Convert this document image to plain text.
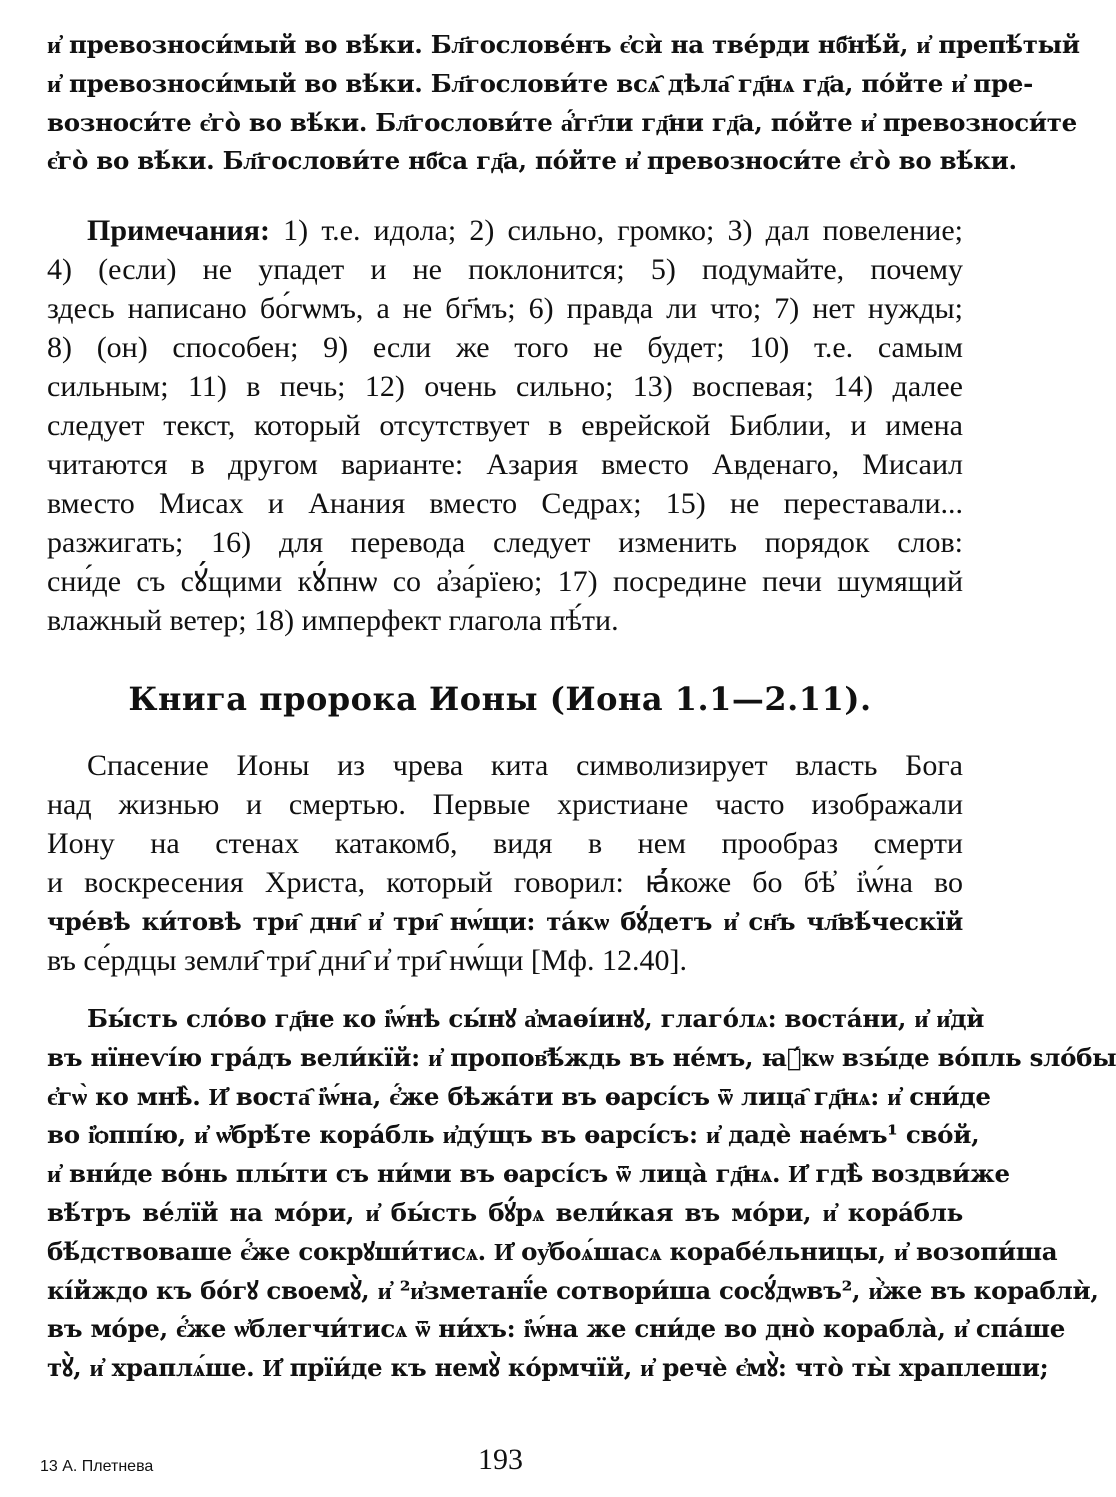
и҆ превозноси́мый во вѣ́ки. Бл҃гослове́нъ є҆сѝ на тве́рди нб҃нѣ́й, и҆ препѣ́тый
и҆ превозноси́мый во вѣ́ки. Бл҃гослови́те всѧ҄ дѣла҄ гд҃нѧ гд҃а, по́йте и҆ пре-
возноси́те є҆го̀ во вѣ́ки. Бл҃гослови́те а҆́гг҃ли гд҃ни гд҃а, по́йте и҆ превозноси́те
є҆го̀ во вѣ́ки. Бл҃гослови́те нб҃са гд҃а, по́йте и҆ превозноси́те є҆го̀ во вѣ́ки.
Примечания: 1) т.е. идола; 2) сильно, громко; 3) дал повеление;
4) (если) не упадет и не поклонится; 5) подумайте, почему
здесь написано бо́гѡмъ, а не бг҃мъ; 6) правда ли что; 7) нет нужды;
8) (он) способен; 9) если же того не будет; 10) т.е. самым
сильным; 11) в печь; 12) очень сильно; 13) воспевая; 14) далее
следует текст, который отсутствует в еврейской Библии, и имена
читаются в другом варианте: Азария вместо Авденаго, Мисаил
вместо Мисах и Анания вместо Седрах; 15) не переставали...
разжигать; 16) для перевода следует изменить порядок слов:
сни́де съ сꙋ́щими кꙋ́пнѡ со а҆за́рїею; 17) посредине печи шумящий
влажный ветер; 18) имперфект глагола пѣ́ти.
Книга пророка Ионы (Иона 1.1—2.11).
Спасение Ионы из чрева кита символизирует власть Бога
над жизнью и смертью. Первые христиане часто изображали
Иону на стенах катакомб, видя в нем прообраз смерти
и воскресения Христа, который говорил: ꙗ҆́коже бо бѣ҆ і҆ѡ́на во
чре́вѣ ки́товѣ три҄ дни҄ и҆ три҄ нѡ́щи: та́кѡ бꙋ́детъ и҆ сн҃ъ чл҃вѣ́ческїй
въ се́рдцы земли҄ три҄ дни҄ и҆ три҄ нѡ́щи [Мф. 12.40].
Бы́сть сло́во гд҃не ко і҆ѡ́нѣ сы́нꙋ а҆маѳі́инꙋ, глаго́лѧ: воста́ни, и҆ и҆дѝ
въ нїнеѵі́ю гра́дъ вели́кїй: и҆ пропов҃ѣ́ждь въ не́мъ, ꙗ҆́кѡ взы́де во́пль ѕло́бы
є҆гѡ̀ ко мнѣ̀. И҆ воста҄ і҆ѡ́на, є҆́же бѣжа́ти въ ѳарсі́съ ѿ лица҄ гд҃нѧ: и҆ сни́де
во і҆ѻппі́ю, и҆ ѡ҆брѣ́те кора́бль и҆ду́щъ въ ѳарсі́съ: и҆ дадѐ нае́мъ¹ сво́й,
и҆ вни́де во́нь плы́ти съ ни́ми въ ѳарсі́съ ѿ лица̀ гд҃нѧ. И҆ гдѣ̀ воздви́же
вѣ́тръ ве́лїй на мо́ри, и҆ бы́сть бꙋ́рѧ вели́кая въ мо́ри, и҆ кора́бль
бѣ́дствоваше є҆́же сокрꙋши́тисѧ. И҆ оу҆боѧ́шасѧ корабе́льницы, и҆ возопи́ша
кі́йждо къ бо́гꙋ своемꙋ̀, и҆ ²и҆зметанї́е сотвори́ша сосꙋ́дѡвъ², и҆̀же въ кораблѝ,
въ мо́ре, є҆́же ѡ҆блегчи́тисѧ ѿ ни́хъ: і҆ѡ́на же сни́де во дно̀ корабла̀, и҆ спа́ше
тꙋ̀, и҆ храплѧ́ше. И҆ прїи́де къ немꙋ̀ ко́рмчїй, и҆ речѐ є҆мꙋ̀: что̀ ты̀ храплеши;
13 А. Плетнева	193
